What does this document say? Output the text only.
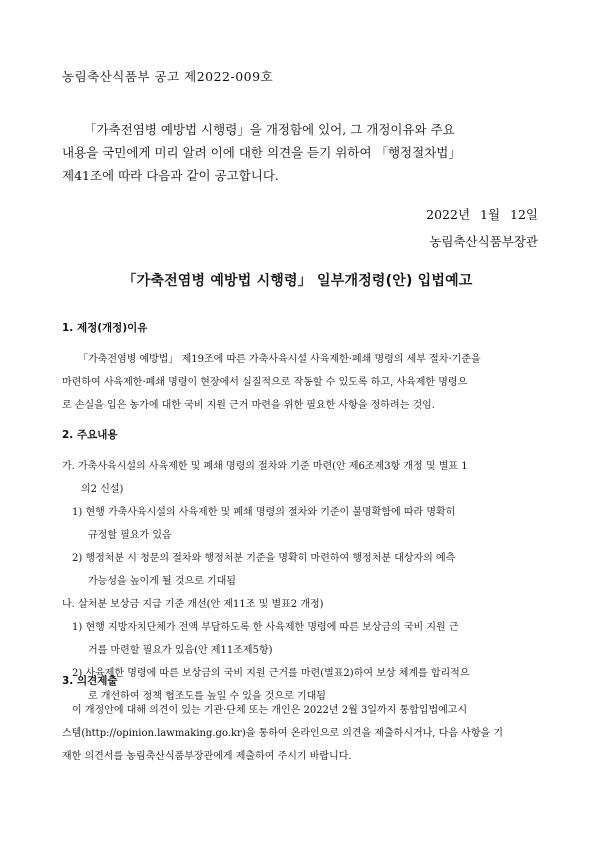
농림축산식품부 공고 제2022-009호

「가축전염병 예방법 시행령」을 개정함에 있어, 그 개정이유와 주요

내용을 국민에게 미리 알려 이에 대한 의견을 듣기 위하여 「행정절차법」

제41조에 따라 다음과 같이 공고합니다.

2022년 1월 12일
농림축산식품부장관
「가축전염병 예방법 시행령」 일부개정령(안) 입법예고
1. 제정(개정)이유

「가축전염병 예방법」 제19조에 따른 가축사육시설 사육제한·폐쇄 명령의 세부 절차·기준을

마련하여 사육제한·폐쇄 명령이 현장에서 실질적으로 작동할 수 있도록 하고, 사육제한 명령으

로 손실을 입은 농가에 대한 국비 지원 근거 마련을 위한 필요한 사항을 정하려는 것임.

2. 주요내용

가. 가축사육시설의 사육제한 및 폐쇄 명령의 절차와 기준 마련(안 제6조제3항 개정 및 별표 1

의2 신설)

1) 현행 가축사육시설의 사육제한 및 폐쇄 명령의 절차와 기준이 불명확함에 따라 명확히

규정할 필요가 있음

2) 행정처분 시 청문의 절차와 행정처분 기준을 명확히 마련하여 행정처분 대상자의 예측

가능성을 높이게 될 것으로 기대됨

나. 살처분 보상금 지급 기준 개선(안 제11조 및 별표2 개정)

1) 현행 지방자치단체가 전액 부담하도록 한 사육제한 명령에 따른 보상금의 국비 지원 근

거를 마련할 필요가 있음(안 제11조제5항)

2) 사육제한 명령에 따른 보상금의 국비 지원 근거를 마련(별표2)하여 보상 체계를 합리적으

로 개선하여 정책 협조도를 높일 수 있을 것으로 기대됨

3. 의견제출

이 개정안에 대해 의견이 있는 기관·단체 또는 개인은 2022년 2월 3일까지 통합입법예고시

스템(http://opinion.lawmaking.go.kr)을 통하여 온라인으로 의견을 제출하시거나, 다음 사항을 기

재한 의견서를 농림축산식품부장관에게 제출하여 주시기 바랍니다.
